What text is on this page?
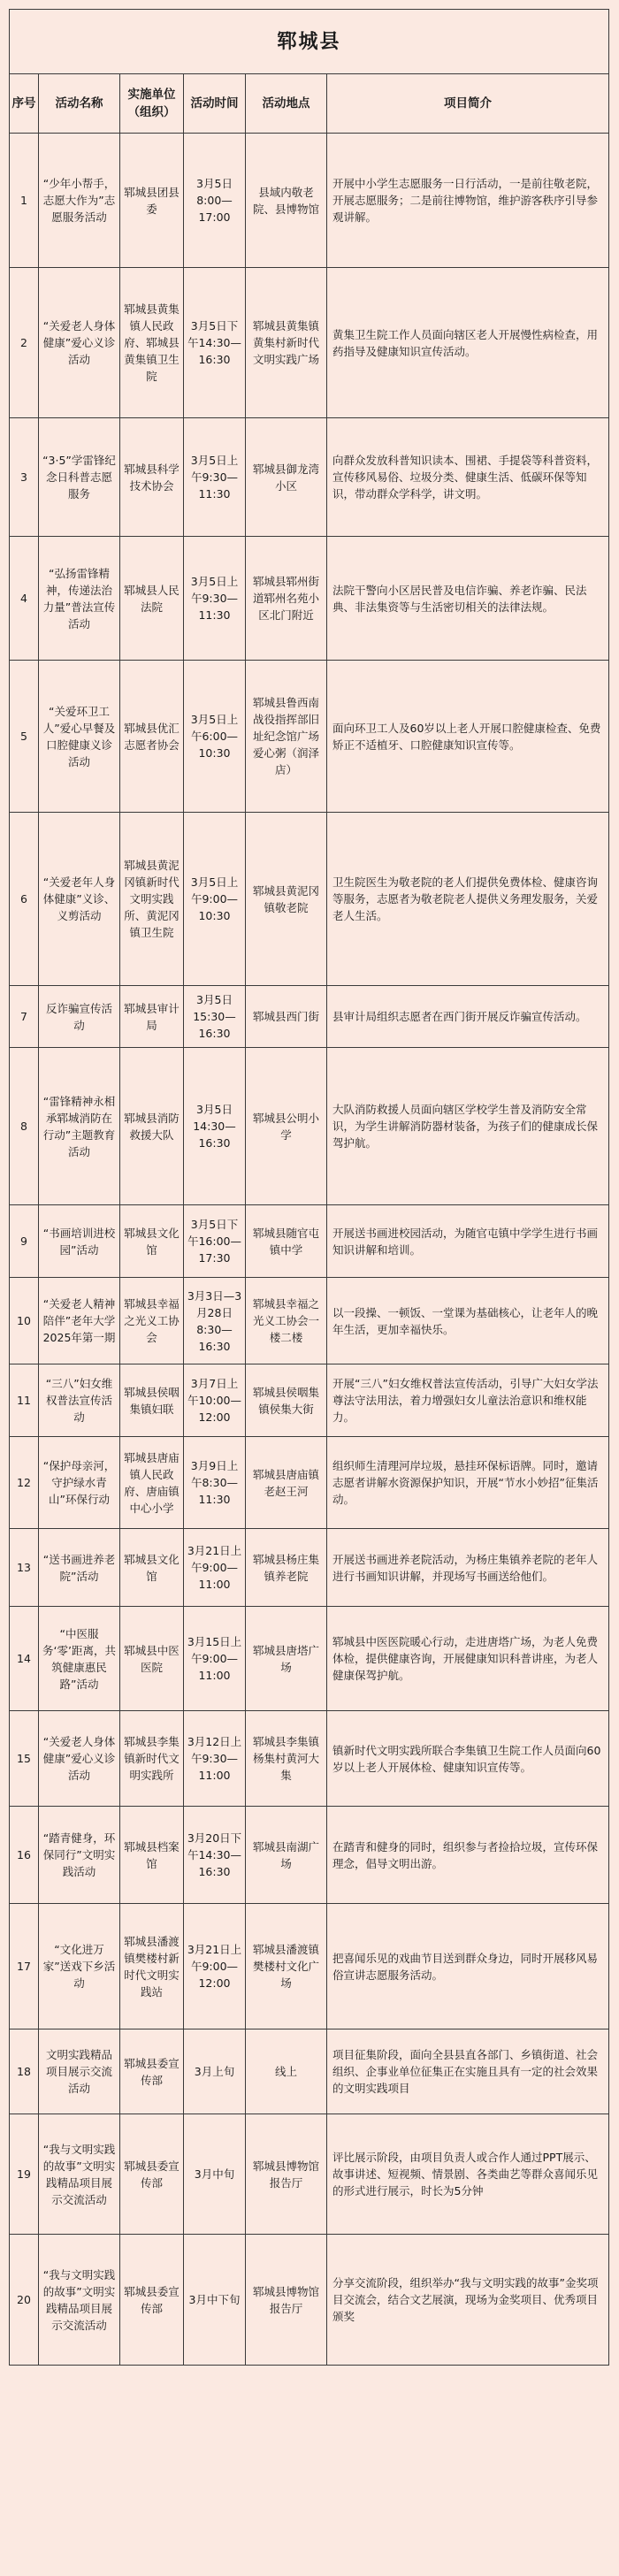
郓城县					
序号	活动名称	实施单位（组织）	活动时间	活动地点	项目简介
1	“少年小帮手，志愿大作为”志愿服务活动	郓城县团县委	3月5日 8:00—17:00	县域内敬老院、县博物馆	开展中小学生志愿服务一日行活动，一是前往敬老院，开展志愿服务；二是前往博物馆，维护游客秩序引导参观讲解。
2	“关爱老人身体健康”爱心义诊活动	郓城县黄集镇人民政府、郓城县黄集镇卫生院	3月5日下午14:30—16:30	郓城县黄集镇黄集村新时代文明实践广场	黄集卫生院工作人员面向辖区老人开展慢性病检查，用药指导及健康知识宣传活动。
3	“3·5”学雷锋纪念日科普志愿服务	郓城县科学技术协会	3月5日上午9:30—11:30	郓城县御龙湾小区	向群众发放科普知识读本、围裙、手提袋等科普资料，宣传移风易俗、垃圾分类、健康生活、低碳环保等知识，带动群众学科学，讲文明。
4	“弘扬雷锋精神，传递法治力量”普法宣传活动	郓城县人民法院	3月5日上午9:30—11:30	郓城县郓州街道郓州名苑小区北门附近	法院干警向小区居民普及电信诈骗、养老诈骗、民法典、非法集资等与生活密切相关的法律法规。
5	“关爱环卫工人”爱心早餐及口腔健康义诊活动	郓城县优汇志愿者协会	3月5日上午6:00—10:30	郓城县鲁西南战役指挥部旧址纪念馆广场爱心粥（润泽店）	面向环卫工人及60岁以上老人开展口腔健康检查、免费矫正不适植牙、口腔健康知识宣传等。
6	“关爱老年人身体健康”义诊、义剪活动	郓城县黄泥冈镇新时代文明实践所、黄泥冈镇卫生院	3月5日上午9:00—10:30	郓城县黄泥冈镇敬老院	卫生院医生为敬老院的老人们提供免费体检、健康咨询等服务，志愿者为敬老院老人提供义务理发服务，关爱老人生活。
7	反诈骗宣传活动	郓城县审计局	3月5日15:30—16:30	郓城县西门街	县审计局组织志愿者在西门街开展反诈骗宣传活动。
8	“雷锋精神永相承郓城消防在行动”主题教育活动	郓城县消防救援大队	3月5日14:30—16:30	郓城县公明小学	大队消防救援人员面向辖区学校学生普及消防安全常识，为学生讲解消防器材装备，为孩子们的健康成长保驾护航。
9	“书画培训进校园”活动	郓城县文化馆	3月5日下午16:00—17:30	郓城县随官屯镇中学	开展送书画进校园活动，为随官屯镇中学学生进行书画知识讲解和培训。
10	“关爱老人精神陪伴”老年大学2025年第一期	郓城县幸福之光义工协会	3月3日—3月28日 8:30—16:30	郓城县幸福之光义工协会一楼二楼	以一段操、一顿饭、一堂课为基础核心，让老年人的晚年生活，更加幸福快乐。
11	“三八”妇女维权普法宣传活动	郓城县侯咽集镇妇联	3月7日上午10:00—12:00	郓城县侯咽集镇侯集大街	开展“三八”妇女维权普法宣传活动，引导广大妇女学法尊法守法用法，着力增强妇女儿童法治意识和维权能力。
12	“保护母亲河，守护绿水青山”环保行动	郓城县唐庙镇人民政府、唐庙镇中心小学	3月9日上午8:30—11:30	郓城县唐庙镇老赵王河	组织师生清理河岸垃圾，悬挂环保标语牌。同时，邀请志愿者讲解水资源保护知识，开展“节水小妙招”征集活动。
13	“送书画进养老院”活动	郓城县文化馆	3月21日上午9:00—11:00	郓城县杨庄集镇养老院	开展送书画进养老院活动，为杨庄集镇养老院的老年人进行书画知识讲解，并现场写书画送给他们。
14	“中医服务‘零’距离，共筑健康惠民路”活动	郓城县中医医院	3月15日上午9:00—11:00	郓城县唐塔广场	郓城县中医医院暖心行动，走进唐塔广场，为老人免费体检，提供健康咨询，开展健康知识科普讲座，为老人健康保驾护航。
15	“关爱老人身体健康”爱心义诊活动	郓城县李集镇新时代文明实践所	3月12日上午9:30—11:00	郓城县李集镇杨集村黄河大集	镇新时代文明实践所联合李集镇卫生院工作人员面向60岁以上老人开展体检、健康知识宣传等。
16	“踏青健身，环保同行”文明实践活动	郓城县档案馆	3月20日下午14:30—16:30	郓城县南湖广场	在踏青和健身的同时，组织参与者捡拾垃圾，宣传环保理念，倡导文明出游。
17	“文化进万家”送戏下乡活动	郓城县潘渡镇樊楼村新时代文明实践站	3月21日上午9:00—12:00	郓城县潘渡镇樊楼村文化广场	把喜闻乐见的戏曲节目送到群众身边，同时开展移风易俗宣讲志愿服务活动。
18	文明实践精品项目展示交流活动	郓城县委宣传部	3月上旬	线上	项目征集阶段，面向全县县直各部门、乡镇街道、社会组织、企事业单位征集正在实施且具有一定的社会效果的文明实践项目
19	“我与文明实践的故事”文明实践精品项目展示交流活动	郓城县委宣传部	3月中旬	郓城县博物馆报告厅	评比展示阶段，由项目负责人或合作人通过PPT展示、故事讲述、短视频、情景剧、各类曲艺等群众喜闻乐见的形式进行展示，时长为5分钟
20	“我与文明实践的故事”文明实践精品项目展示交流活动	郓城县委宣传部	3月中下旬	郓城县博物馆报告厅	分享交流阶段，组织举办“我与文明实践的故事”金奖项目交流会，结合文艺展演，现场为金奖项目、优秀项目颁奖
